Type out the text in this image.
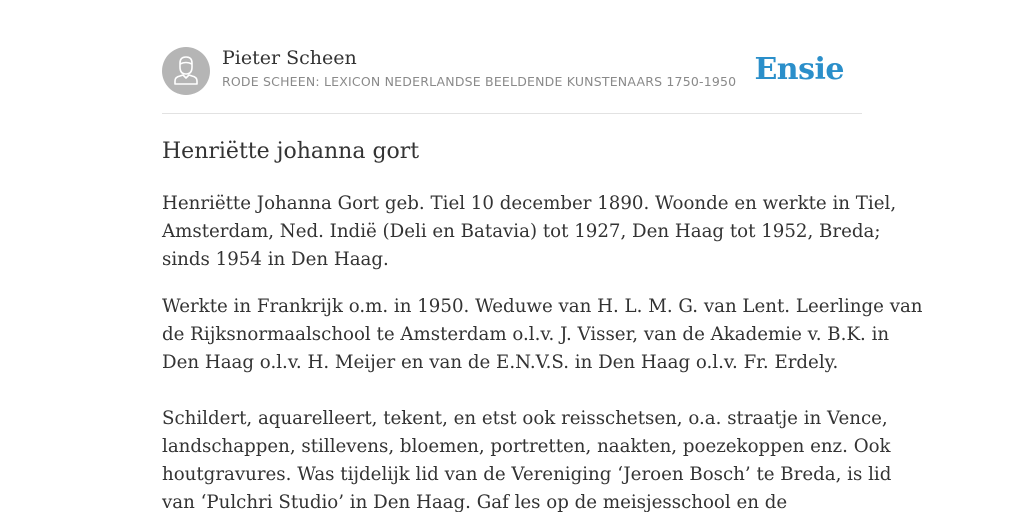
Pieter Scheen
RODE SCHEEN: LEXICON NEDERLANDSE BEELDENDE KUNSTENAARS 1750-1950 Ensie
Henriëtte johanna gort

Henriëtte Johanna Gort geb. Tiel 10 december 1890. Woonde en werkte in Tiel,
Amsterdam, Ned. Indië (Deli en Batavia) tot 1927, Den Haag tot 1952, Breda;
sinds 1954 in Den Haag.

Werkte in Frankrijk o.m. in 1950. Weduwe van H. L. M. G. van Lent. Leerlinge van
de Rijksnormaalschool te Amsterdam o.l.v. J. Visser, van de Akademie v. B.K. in
Den Haag o.l.v. H. Meijer en van de E.N.V.S. in Den Haag o.l.v. Fr. Erdely.

Schildert, aquarelleert, tekent, en etst ook reisschetsen, o.a. straatje in Vence,
landschappen, stillevens, bloemen, portretten, naakten, poezekoppen enz. Ook
houtgravures. Was tijdelijk lid van de Vereniging ‘Jeroen Bosch’ te Breda, is lid
van ‘Pulchri Studio’ in Den Haag. Gaf les op de meisjesschool en de
